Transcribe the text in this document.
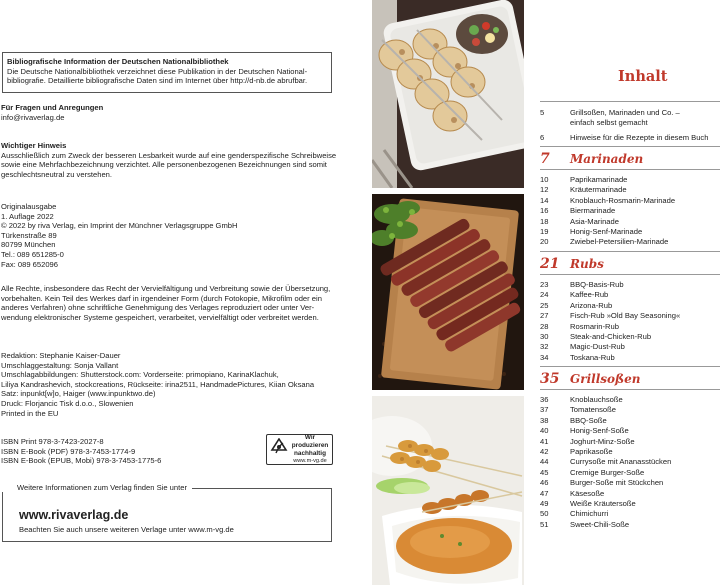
Bibliografische Information der Deutschen Nationalbibliothek
Die Deutsche Nationalbibliothek verzeichnet diese Publikation in der Deutschen National-
bibliografie. Detaillierte bibliografische Daten sind im Internet über http://d-nb.de abrufbar.
Für Fragen und Anregungen
info@rivaverlag.de
Wichtiger Hinweis
Ausschließlich zum Zweck der besseren Lesbarkeit wurde auf eine genderspezifische Schreibweise
sowie eine Mehrfachbezeichnung verzichtet. Alle personenbezogenen Bezeichnungen sind somit
geschlechtsneutral zu verstehen.
Originalausgabe
1. Auflage 2022
© 2022 by riva Verlag, ein Imprint der Münchner Verlagsgruppe GmbH
Türkenstraße 89
80799 München
Tel.: 089 651285-0
Fax: 089 652096
Alle Rechte, insbesondere das Recht der Vervielfältigung und Verbreitung sowie der Übersetzung,
vorbehalten. Kein Teil des Werkes darf in irgendeiner Form (durch Fotokopie, Mikrofilm oder ein
anderes Verfahren) ohne schriftliche Genehmigung des Verlages reproduziert oder unter Ver-
wendung elektronischer Systeme gespeichert, verarbeitet, vervielfältigt oder verbreitet werden.
Redaktion: Stephanie Kaiser-Dauer
Umschlaggestaltung: Sonja Vallant
Umschlagabbildungen: Shutterstock.com: Vorderseite: primopiano, KarinaKlachuk,
Liliya Kandrashevich, stockcreations, Rückseite: irina2511, HandmadePictures, Kiian Oksana
Satz: inpunkt[w]o, Haiger (www.inpunktwo.de)
Druck: Florjancic Tisk d.o.o., Slowenien
Printed in the EU
ISBN Print 978-3-7423-2027-8
ISBN E-Book (PDF) 978-3-7453-1774-9
ISBN E-Book (EPUB, Mobi) 978-3-7453-1775-6
Wir produzieren
nachhaltig
www.m-vg.de
Weitere Informationen zum Verlag finden Sie unter
www.rivaverlag.de
Beachten Sie auch unsere weiteren Verlage unter www.m-vg.de
Inhalt
5	Grillsoßen, Marinaden und Co. –
einfach selbst gemacht
6	Hinweise für die Rezepte in diesem Buch
7	Marinaden
10	Paprikamarinade
12	Kräutermarinade
14	Knoblauch-Rosmarin-Marinade
16	Biermarinade
18	Asia-Marinade
19	Honig-Senf-Marinade
20	Zwiebel-Petersilien-Marinade
21 Rubs
23	BBQ-Basis-Rub
24	Kaffee-Rub
25	Arizona-Rub
27	Fisch-Rub »Old Bay Seasoning«
28	Rosmarin-Rub
30	Steak-and-Chicken-Rub
32	Magic-Dust-Rub
34	Toskana-Rub
35 Grillsoßen
36	Knoblauchsoße
37	Tomatensoße
38	BBQ-Soße
40	Honig-Senf-Soße
41	Joghurt-Minz-Soße
42	Paprikasoße
44	Currysoße mit Ananasstücken
45	Cremige Burger-Soße
46	Burger-Soße mit Stückchen
47	Käsesoße
49	Weiße Kräutersoße
50	Chimichurri
51	Sweet-Chili-Soße
